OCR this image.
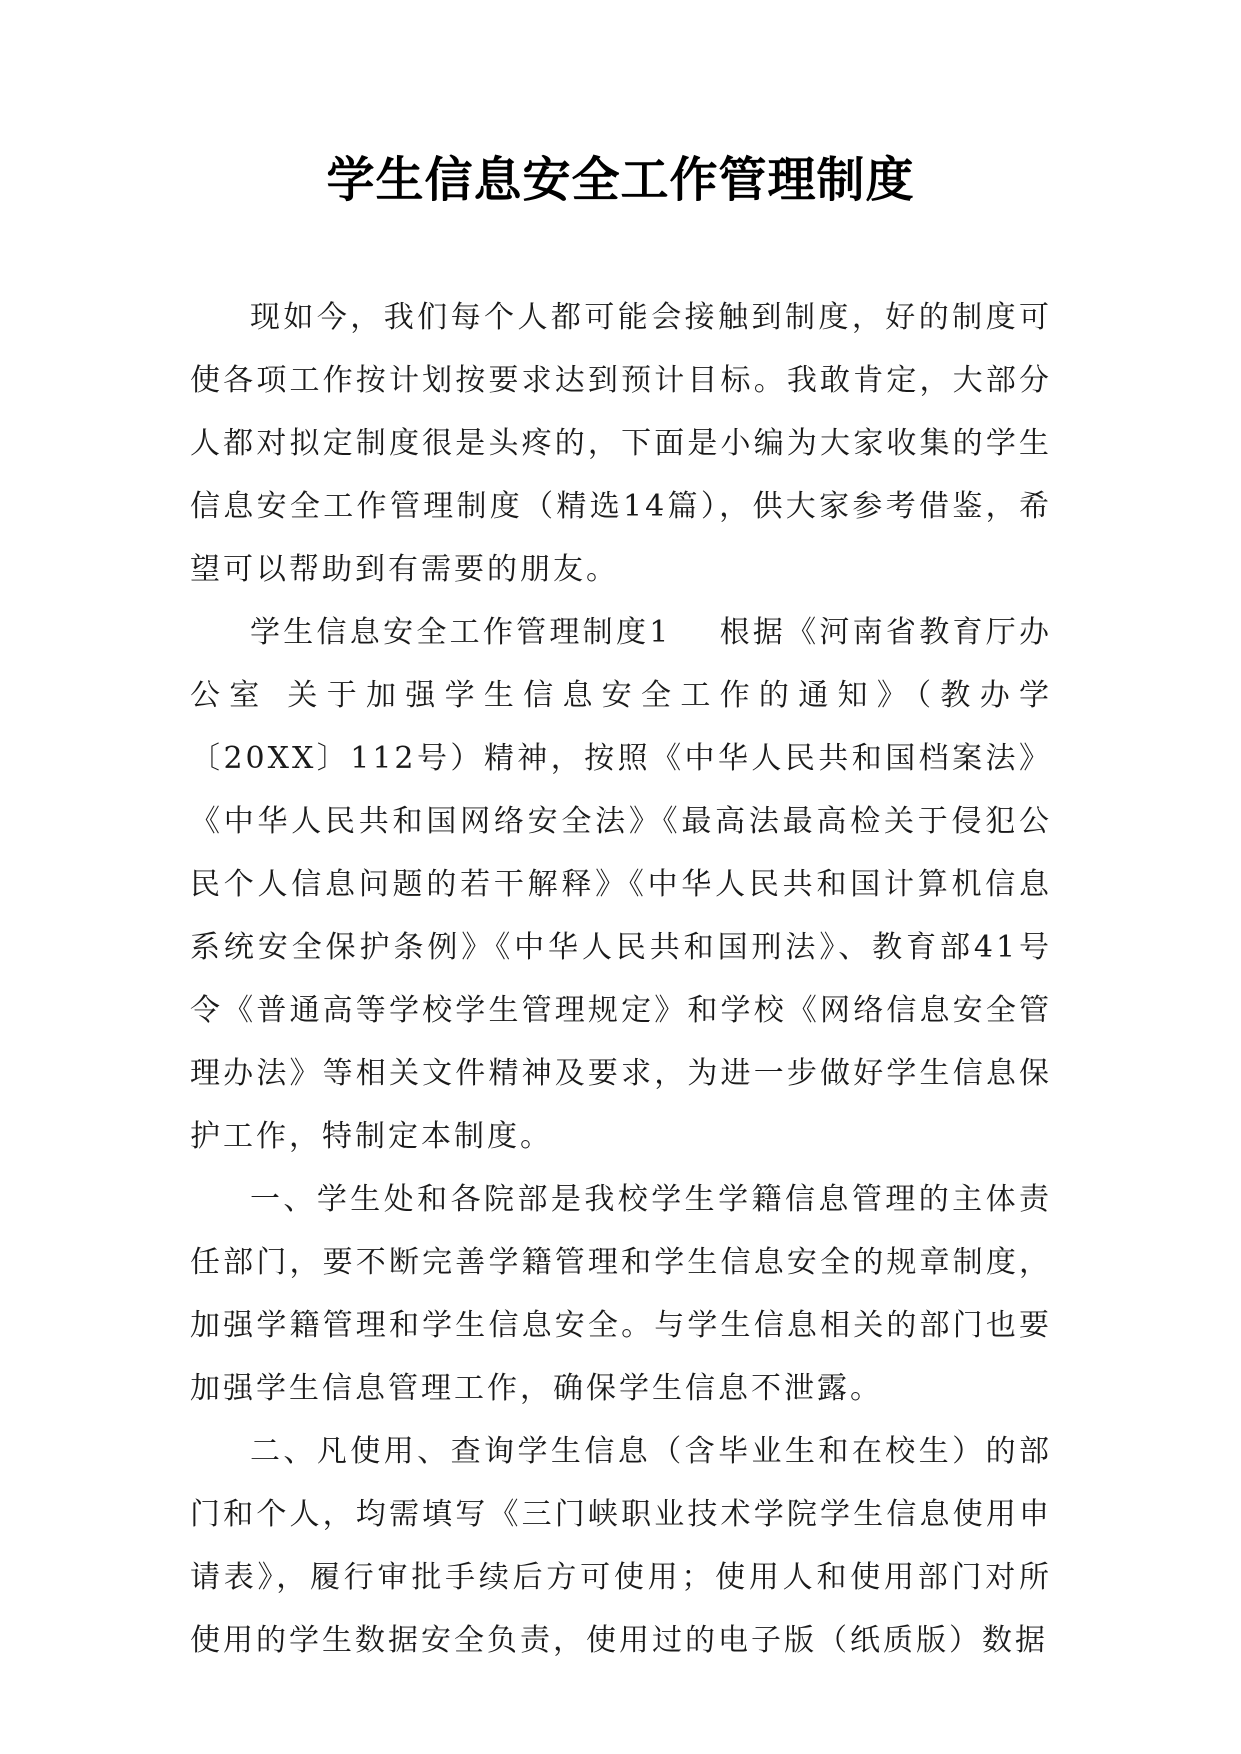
学生信息安全工作管理制度

现如今，我们每个人都可能会接触到制度，好的制度可使各项工作按计划按要求达到预计目标。我敢肯定，大部分人都对拟定制度很是头疼的，下面是小编为大家收集的学生信息安全工作管理制度（精选14篇），供大家参考借鉴，希望可以帮助到有需要的朋友。

学生信息安全工作管理制度1 根据《河南省教育厅办公室 关于加强学生信息安全工作的通知》（教办学〔20XX〕112号）精神，按照《中华人民共和国档案法》《中华人民共和国网络安全法》《最高法最高检关于侵犯公民个人信息问题的若干解释》《中华人民共和国计算机信息系统安全保护条例》《中华人民共和国刑法》、教育部41号令《普通高等学校学生管理规定》和学校《网络信息安全管理办法》等相关文件精神及要求，为进一步做好学生信息保护工作，特制定本制度。

一、学生处和各院部是我校学生学籍信息管理的主体责任部门，要不断完善学籍管理和学生信息安全的规章制度，加强学籍管理和学生信息安全。与学生信息相关的部门也要加强学生信息管理工作，确保学生信息不泄露。

二、凡使用、查询学生信息（含毕业生和在校生）的部门和个人，均需填写《三门峡职业技术学院学生信息使用申请表》，履行审批手续后方可使用；使用人和使用部门对所使用的学生数据安全负责，使用过的电子版（纸质版）数据
